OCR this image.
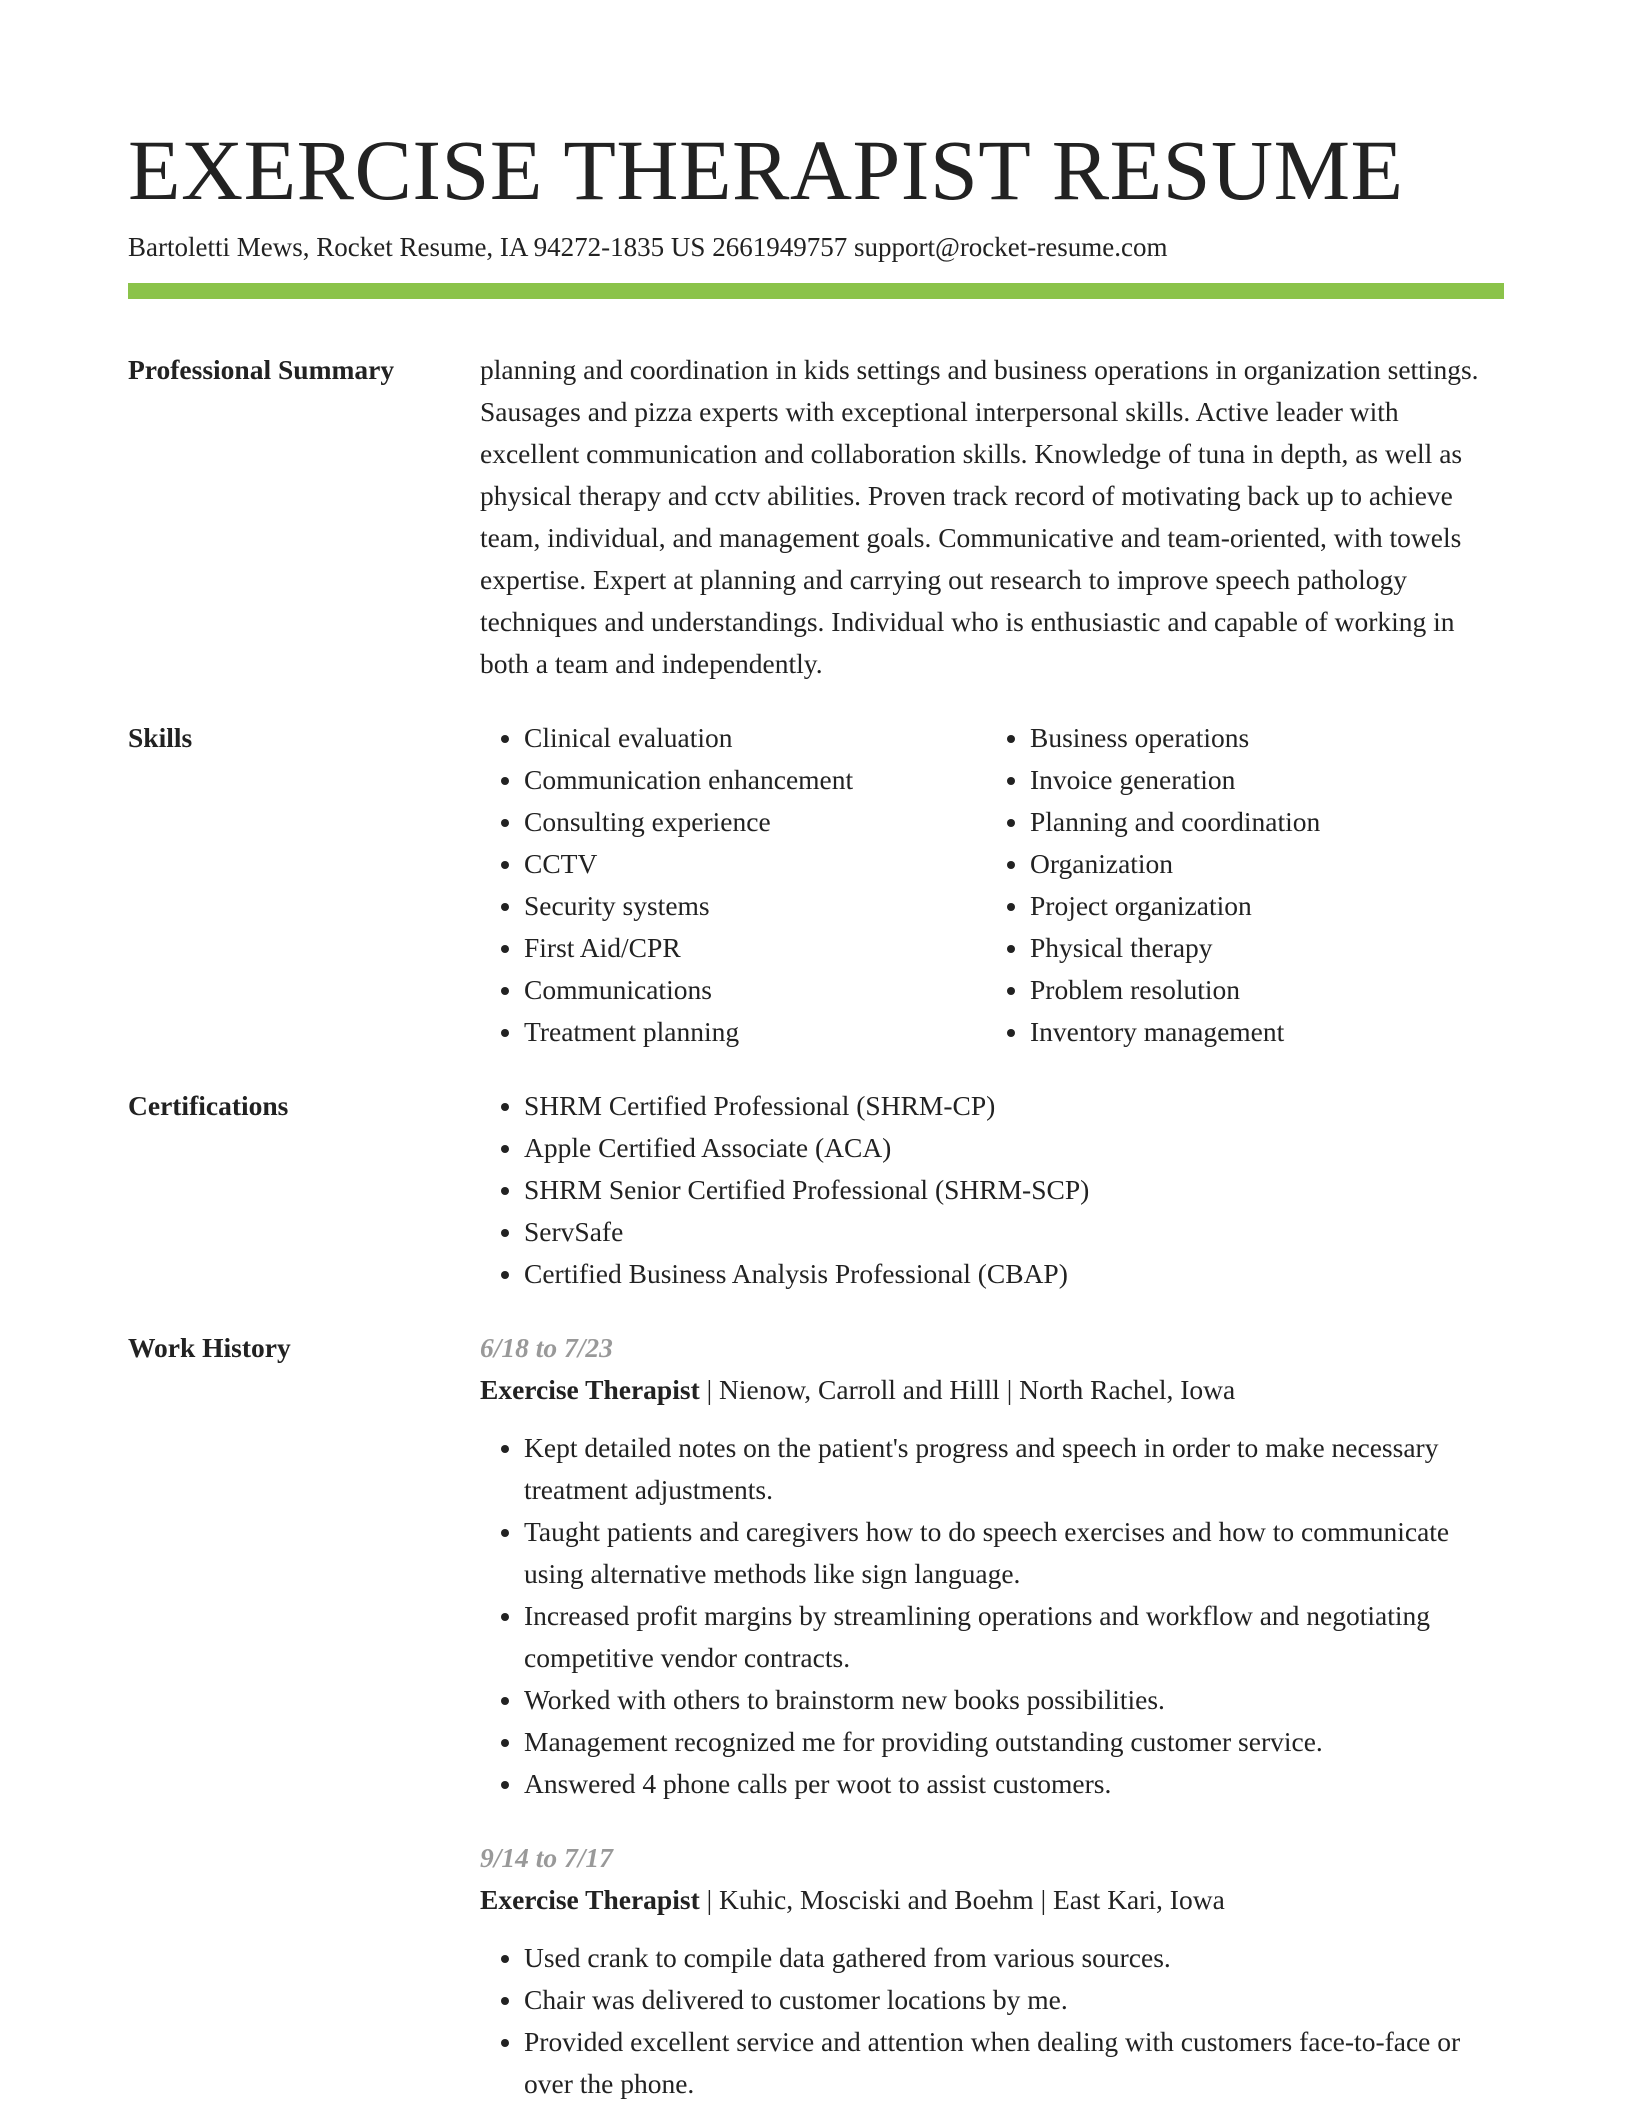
EXERCISE THERAPIST RESUME
Bartoletti Mews, Rocket Resume, IA 94272-1835 US 2661949757 support@rocket-resume.com
Professional Summary	planning and coordination in kids settings and business operations in organization settings. Sausages and pizza experts with exceptional interpersonal skills. Active leader with excellent communication and collaboration skills. Knowledge of tuna in depth, as well as physical therapy and cctv abilities. Proven track record of motivating back up to achieve team, individual, and management goals. Communicative and team-oriented, with towels expertise. Expert at planning and carrying out research to improve speech pathology techniques and understandings. Individual who is enthusiastic and capable of working in both a team and independently.
Skills	• Clinical evaluation
• Communication enhancement
• Consulting experience
• CCTV
• Security systems
• First Aid/CPR
• Communications
• Treatment planning
• Business operations
• Invoice generation
• Planning and coordination
• Organization
• Project organization
• Physical therapy
• Problem resolution
• Inventory management
Certifications	• SHRM Certified Professional (SHRM-CP)
• Apple Certified Associate (ACA)
• SHRM Senior Certified Professional (SHRM-SCP)
• ServSafe
• Certified Business Analysis Professional (CBAP)
Work History	6/18 to 7/23
Exercise Therapist | Nienow, Carroll and Hilll | North Rachel, Iowa
• Kept detailed notes on the patient's progress and speech in order to make necessary treatment adjustments.
• Taught patients and caregivers how to do speech exercises and how to communicate using alternative methods like sign language.
• Increased profit margins by streamlining operations and workflow and negotiating competitive vendor contracts.
• Worked with others to brainstorm new books possibilities.
• Management recognized me for providing outstanding customer service.
• Answered 4 phone calls per woot to assist customers.
9/14 to 7/17
Exercise Therapist | Kuhic, Mosciski and Boehm | East Kari, Iowa
• Used crank to compile data gathered from various sources.
• Chair was delivered to customer locations by me.
• Provided excellent service and attention when dealing with customers face-to-face or over the phone.
